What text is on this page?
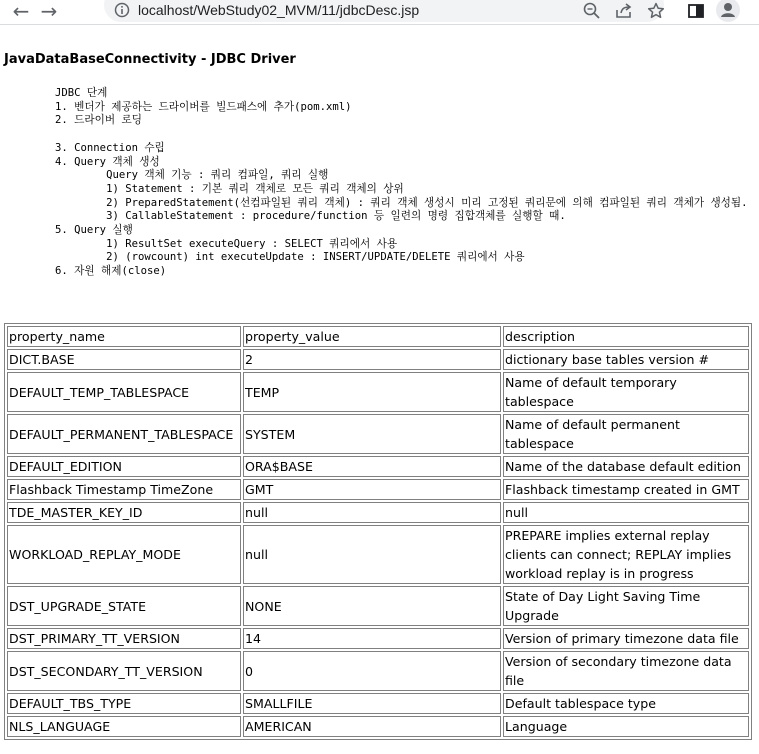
← →	localhost/WebStudy02_MVM/11/jdbcDesc.jsp
JavaDataBaseConnectivity - JDBC Driver
	JDBC 단계
	1. 벤더가 제공하는 드라이버를 빌드패스에 추가(pom.xml)
	2. 드라이버 로딩

	3. Connection 수립
	4. Query 객체 생성
		Query 객체 기능 : 쿼리 컴파일, 쿼리 실행
		1) Statement : 기본 쿼리 객체로 모든 쿼리 객체의 상위
		2) PreparedStatement(선컴파일된 쿼리 객체) : 쿼리 객체 생성시 미리 고정된 쿼리문에 의해 컴파일된 쿼리 객체가 생성됨.
		3) CallableStatement : procedure/function 등 일련의 명령 집합객체를 실행할 때.
	5. Query 실행
		1) ResultSet executeQuery : SELECT 쿼리에서 사용
		2) (rowcount) int executeUpdate : INSERT/UPDATE/DELETE 쿼리에서 사용
	6. 자원 해제(close)
property_name	property_value	description
DICT.BASE	2	dictionary base tables version #
DEFAULT_TEMP_TABLESPACE	TEMP	Name of default temporary tablespace
DEFAULT_PERMANENT_TABLESPACE	SYSTEM	Name of default permanent tablespace
DEFAULT_EDITION	ORA$BASE	Name of the database default edition
Flashback Timestamp TimeZone	GMT	Flashback timestamp created in GMT
TDE_MASTER_KEY_ID	null	null
WORKLOAD_REPLAY_MODE	null	PREPARE implies external replay clients can connect; REPLAY implies workload replay is in progress
DST_UPGRADE_STATE	NONE	State of Day Light Saving Time Upgrade
DST_PRIMARY_TT_VERSION	14	Version of primary timezone data file
DST_SECONDARY_TT_VERSION	0	Version of secondary timezone data file
DEFAULT_TBS_TYPE	SMALLFILE	Default tablespace type
NLS_LANGUAGE	AMERICAN	Language
